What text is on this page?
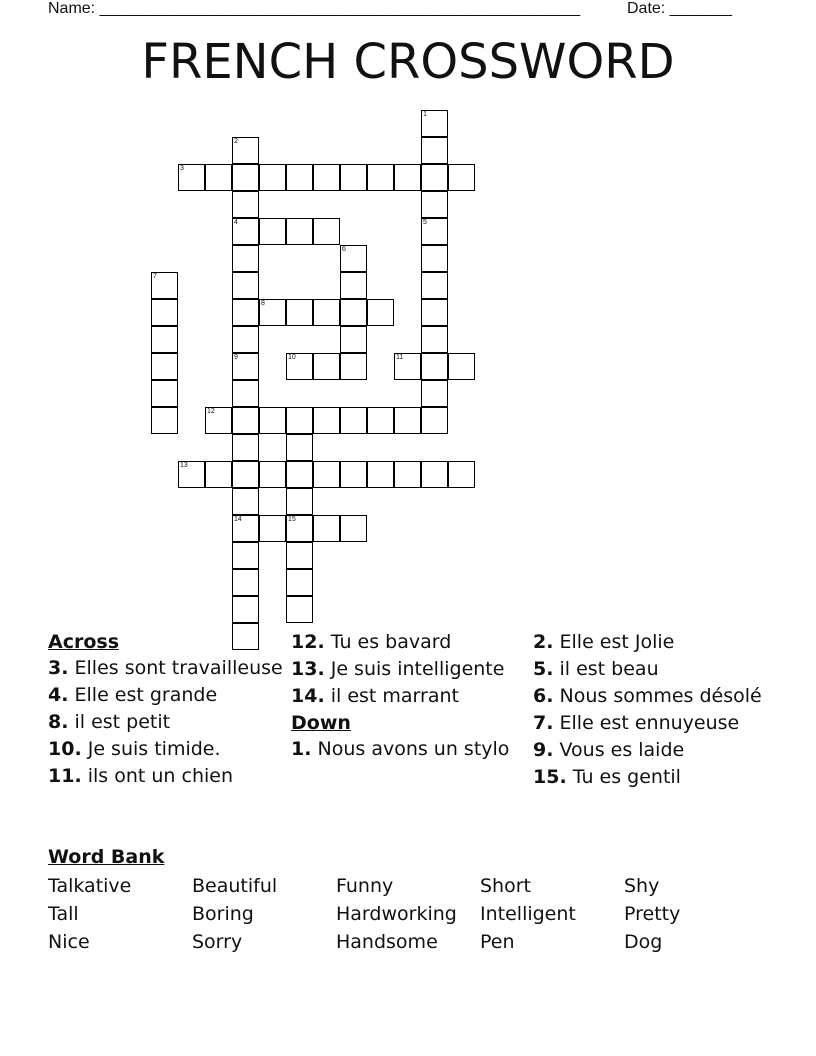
Name: ______________________________________________________	Date: _______
FRENCH CROSSWORD
1
2
3
4	5
6
7
8
9	10	11
12
13
14	15
Across
3. Elles sont travailleuse
4. Elle est grande
8. il est petit
10. Je suis timide.
11. ils ont un chien
12. Tu es bavard
13. Je suis intelligente
14. il est marrant
Down
1. Nous avons un stylo
2. Elle est Jolie
5. il est beau
6. Nous sommes désolé
7. Elle est ennuyeuse
9. Vous es laide
15. Tu es gentil
Word Bank
Talkative	Beautiful	Funny	Short	Shy
Tall	Boring	Hardworking	Intelligent	Pretty
Nice	Sorry	Handsome	Pen	Dog
